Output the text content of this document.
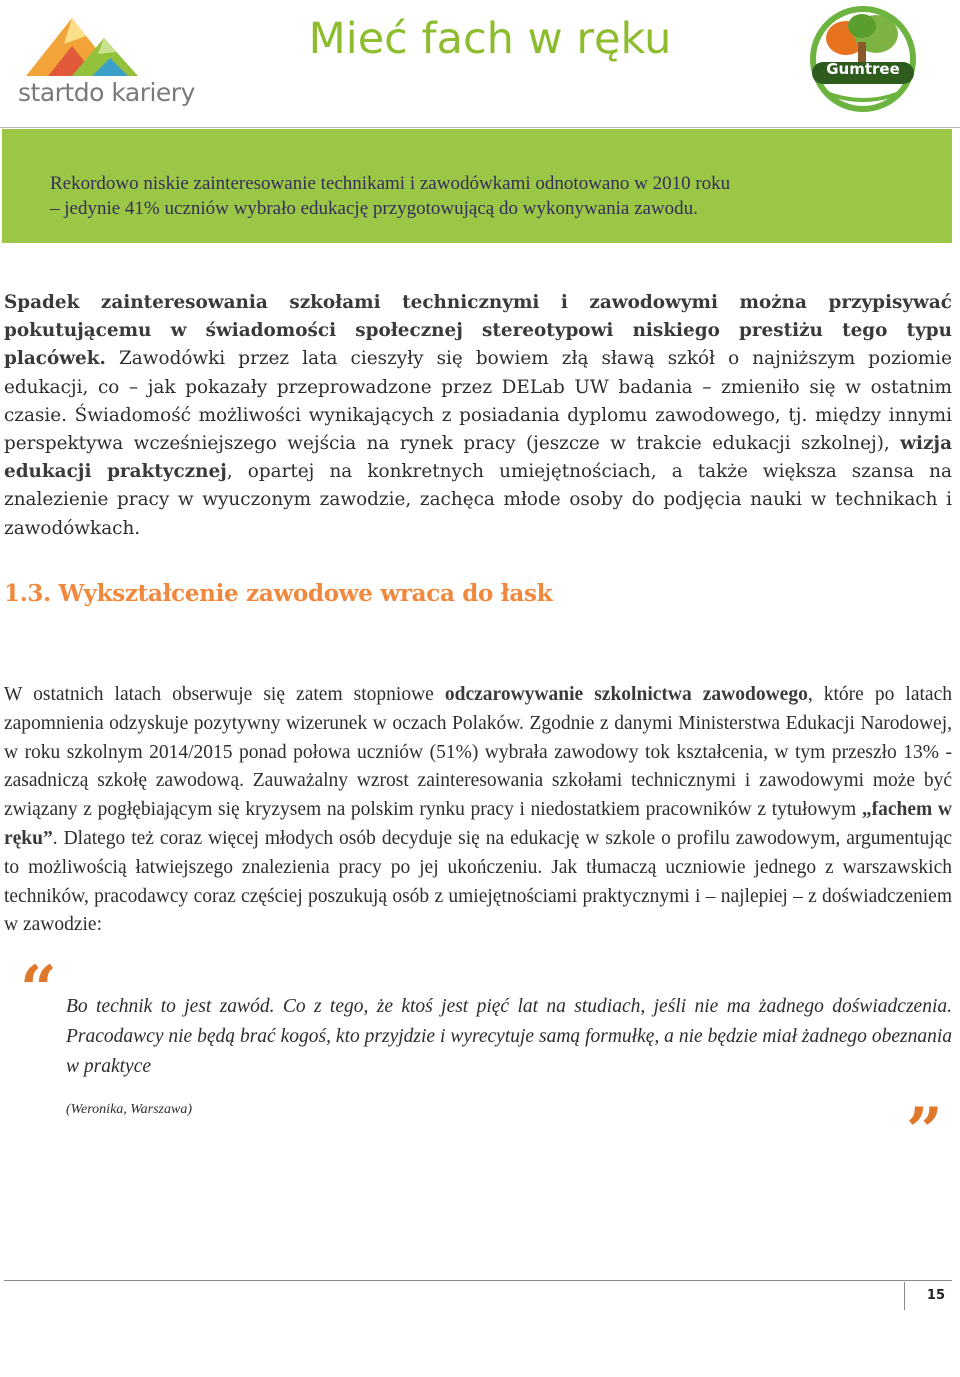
startdo kariery
Mieć fach w ręku
Gumtree
Rekordowo niskie zainteresowanie technikami i zawodówkami odnotowano w 2010 roku
– jedynie 41% uczniów wybrało edukację przygotowującą do wykonywania zawodu.
Spadek zainteresowania szkołami technicznymi i zawodowymi można przypisywać pokutującemu w świadomości społecznej stereotypowi niskiego prestiżu tego typu placówek. Zawodówki przez lata cieszyły się bowiem złą sławą szkół o najniższym poziomie edukacji, co – jak pokazały przeprowadzone przez DELab UW badania – zmieniło się w ostatnim czasie. Świadomość możliwości wynikających z posiadania dyplomu zawodowego, tj. między innymi perspektywa wcześniejszego wejścia na rynek pracy (jeszcze w trakcie edukacji szkolnej), wizja edukacji praktycznej, opartej na konkretnych umiejętnościach, a także większa szansa na znalezienie pracy w wyuczonym zawodzie, zachęca młode osoby do podjęcia nauki w technikach i zawodówkach.
1.3. Wykształcenie zawodowe wraca do łask
W ostatnich latach obserwuje się zatem stopniowe odczarowywanie szkolnictwa zawodowego, które po latach zapomnienia odzyskuje pozytywny wizerunek w oczach Polaków. Zgodnie z danymi Ministerstwa Edukacji Narodowej, w roku szkolnym 2014/2015 ponad połowa uczniów (51%) wybrała zawodowy tok kształcenia, w tym przeszło 13% - zasadniczą szkołę zawodową. Zauważalny wzrost zainteresowania szkołami technicznymi i zawodowymi może być związany z pogłębiającym się kryzysem na polskim rynku pracy i niedostatkiem pracowników z tytułowym „fachem w ręku”. Dlatego też coraz więcej młodych osób decyduje się na edukację w szkole o profilu zawodowym, argumentując to możliwością łatwiejszego znalezienia pracy po jej ukończeniu. Jak tłumaczą uczniowie jednego z warszawskich techników, pracodawcy coraz częściej poszukują osób z umiejętnościami praktycznymi i – najlepiej – z doświadczeniem w zawodzie:
“ Bo technik to jest zawód. Co z tego, że ktoś jest pięć lat na studiach, jeśli nie ma żadnego doświadczenia. Pracodawcy nie będą brać kogoś, kto przyjdzie i wyrecytuje samą formułkę, a nie będzie miał żadnego obeznania w praktyce
(Weronika, Warszawa)	”
15
